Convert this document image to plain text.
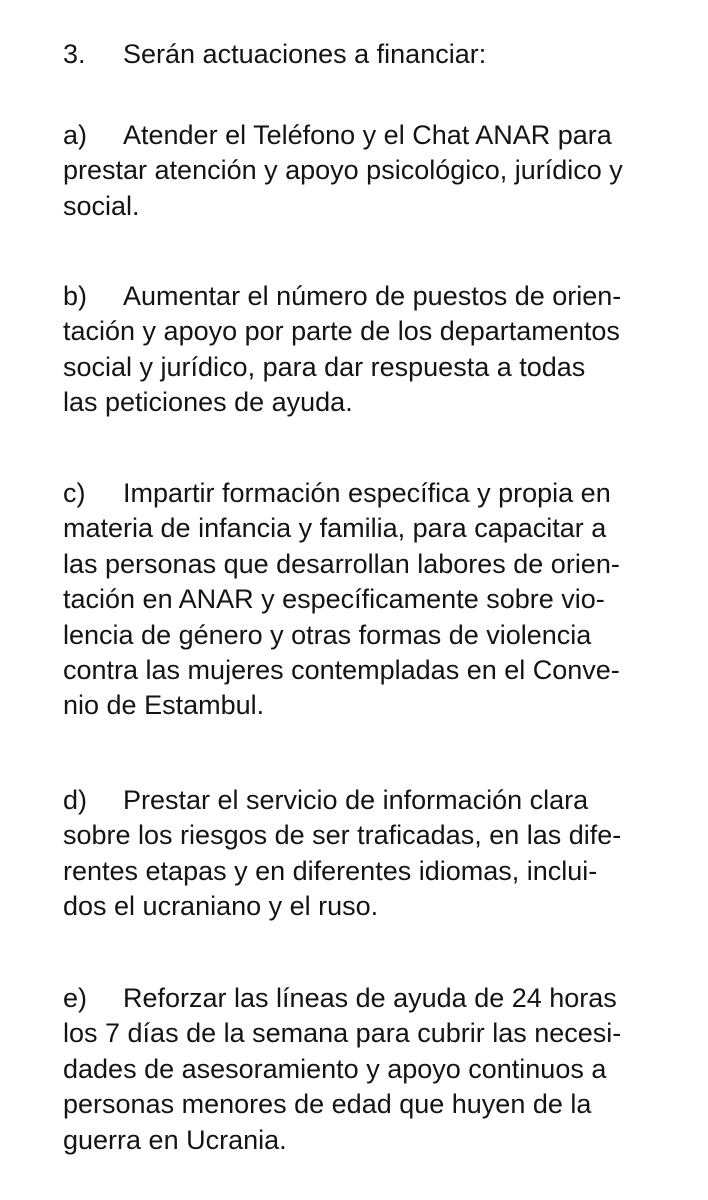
3. Serán actuaciones a financiar:
a) Atender el Teléfono y el Chat ANAR para
prestar atención y apoyo psicológico, jurídico y
social.
b) Aumentar el número de puestos de orien-
tación y apoyo por parte de los departamentos
social y jurídico, para dar respuesta a todas
las peticiones de ayuda.
c) Impartir formación específica y propia en
materia de infancia y familia, para capacitar a
las personas que desarrollan labores de orien-
tación en ANAR y específicamente sobre vio-
lencia de género y otras formas de violencia
contra las mujeres contempladas en el Conve-
nio de Estambul.
d) Prestar el servicio de información clara
sobre los riesgos de ser traficadas, en las dife-
rentes etapas y en diferentes idiomas, inclui-
dos el ucraniano y el ruso.
e) Reforzar las líneas de ayuda de 24 horas
los 7 días de la semana para cubrir las necesi-
dades de asesoramiento y apoyo continuos a
personas menores de edad que huyen de la
guerra en Ucrania.
